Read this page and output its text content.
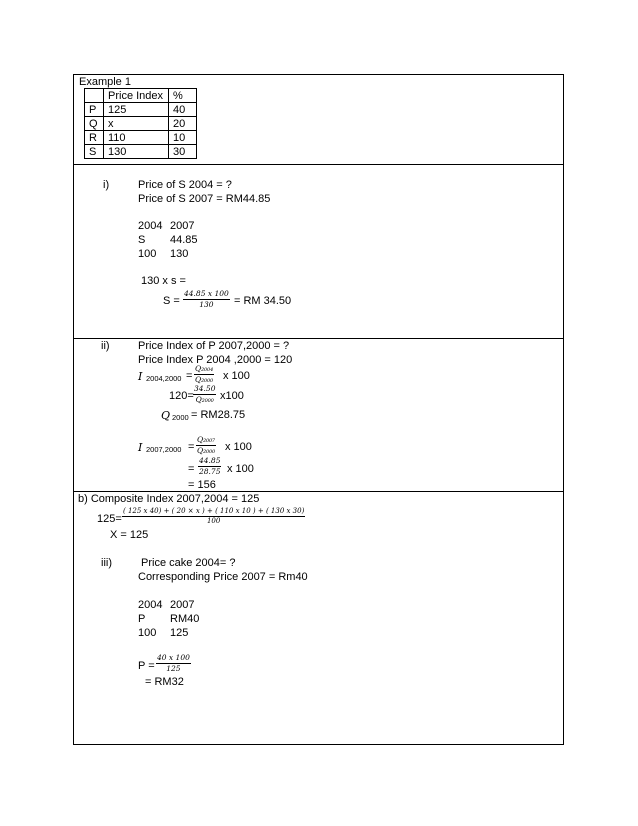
Example 1
	Price Index	%
P	125	40
Q	x	20
R	110	10
S	130	30
i)	Price of S 2004 = ?
Price of S 2007 = RM44.85
2004 2007
S 44.85
100 130
130 x s =
$S = \frac{44.85 x 100}{130}$ = RM 34.50
ii)	Price Index of P 2007,2000 = ?
Price Index P 2004 ,2000 = 120
I $2004,2000 = \frac{\text{Q₂₀₀₄}}{\text{Q₂₀₀₀}}$ x 100
$120= \frac{34.50}{\text{Q₂₀₀₀}} x100$
Q 2000 = RM28.75
I $2007,2000 = \frac{\text{Q₂₀₀₇}}{\text{Q₂₀₀₀}}$ x 100
= $\frac{44.85}{28.75}$ x 100
= 156
b) Composite Index 2007,2004 = 125
$125= \frac{( 125 x 40) + ( 20 \times x ) + ( 110 x 10 ) + ( 130 x 30)}{100}$
X = 125
iii)	Price cake 2004= ?
Corresponding Price 2007 = Rm40
2004 2007
P RM40
100 125
$P = \frac{40 x 100}{125}$
= RM32
